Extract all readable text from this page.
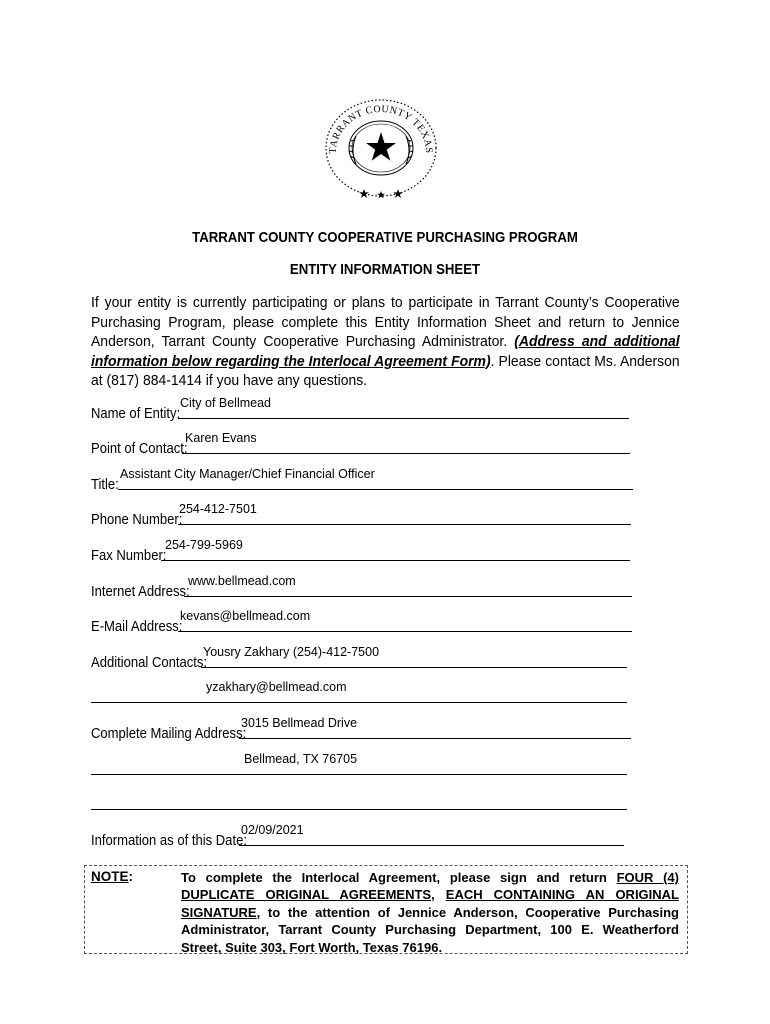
TARRANT COUNTY TEXAS
TARRANT COUNTY COOPERATIVE PURCHASING PROGRAM
ENTITY INFORMATION SHEET
If your entity is currently participating or plans to participate in Tarrant County’s Cooperative Purchasing Program, please complete this Entity Information Sheet and return to Jennice Anderson, Tarrant County Cooperative Purchasing Administrator. (Address and additional information below regarding the Interlocal Agreement Form). Please contact Ms. Anderson at (817) 884-1414 if you have any questions.
Name of Entity:
City of Bellmead
Point of Contact:
Karen Evans
Title:
Assistant City Manager/Chief Financial Officer
Phone Number:
254-412-7501
Fax Number:
254-799-5969
Internet Address:
www.bellmead.com
E-Mail Address:
kevans@bellmead.com
Additional Contacts:
Yousry Zakhary (254)-412-7500
yzakhary@bellmead.com
Complete Mailing Address:
3015 Bellmead Drive
Bellmead, TX 76705
Information as of this Date:
02/09/2021
NOTE:	To complete the Interlocal Agreement, please sign and return FOUR (4) DUPLICATE ORIGINAL AGREEMENTS, EACH CONTAINING AN ORIGINAL SIGNATURE, to the attention of Jennice Anderson, Cooperative Purchasing Administrator, Tarrant County Purchasing Department, 100 E. Weatherford Street, Suite 303, Fort Worth, Texas 76196.
